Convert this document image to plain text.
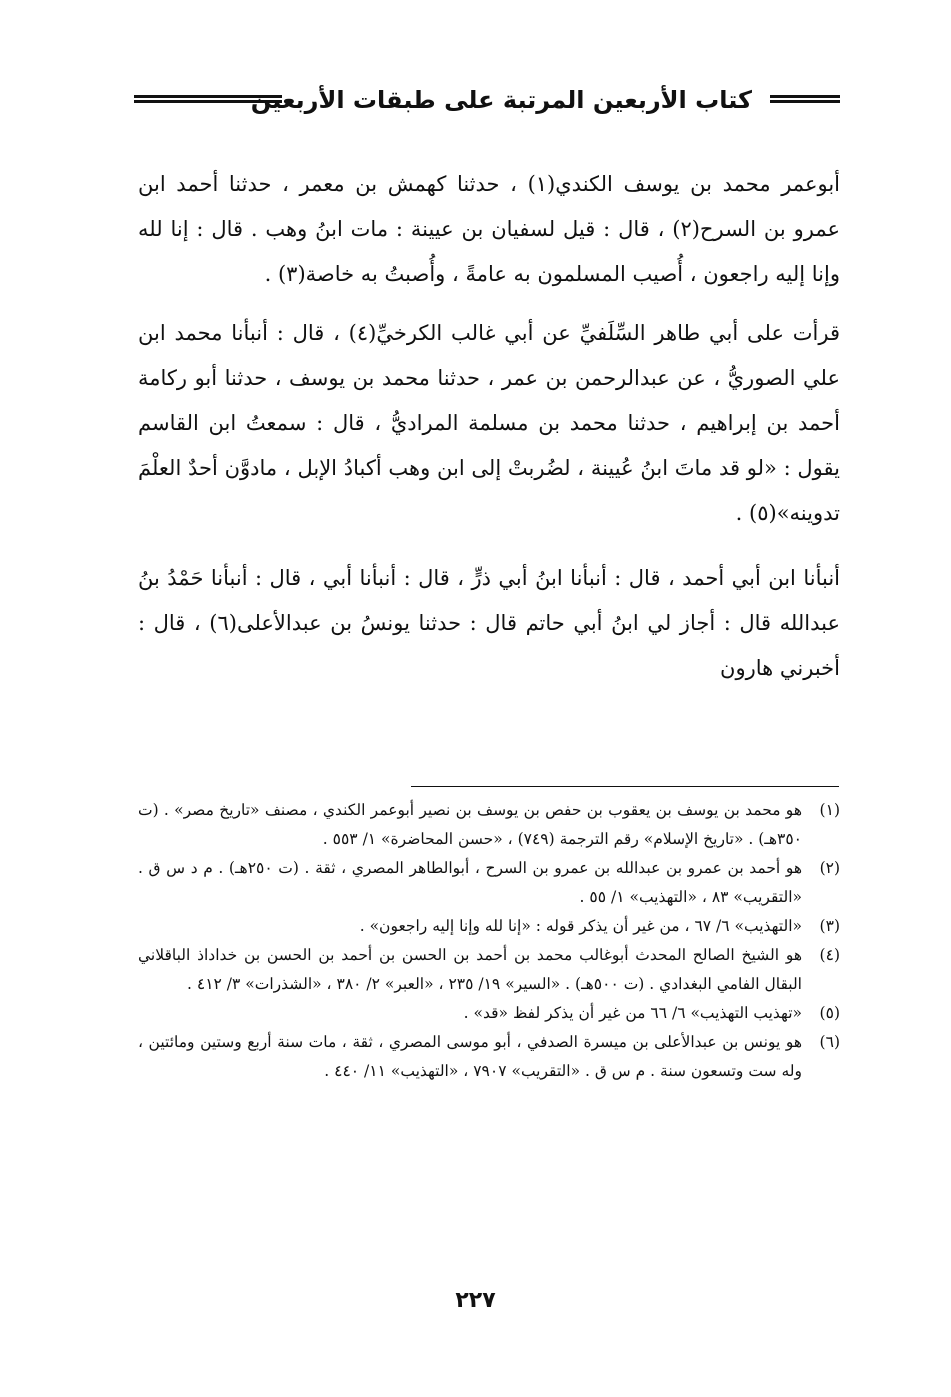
كتاب الأربعين المرتبة على طبقات الأربعين

أبوعمر محمد بن يوسف الكندي(١) ، حدثنا كهمش بن معمر ، حدثنا أحمد ابن عمرو بن السرح(٢) ، قال : قيل لسفيان بن عيينة : مات ابنُ وهب . قال : إنا لله وإنا إليه راجعون ، أُصيب المسلمون به عامةً ، وأُصبتُ به خاصة(٣) .

قرأت على أبي طاهر السِّلَفيِّ عن أبي غالب الكرخيِّ(٤) ، قال : أنبأنا محمد ابن علي الصوريُّ ، عن عبدالرحمن بن عمر ، حدثنا محمد بن يوسف ، حدثنا أبو ركامة أحمد بن إبراهيم ، حدثنا محمد بن مسلمة المراديُّ ، قال : سمعتُ ابن القاسم يقول : «لو قد ماتَ ابنُ عُيينة ، لضُربتْ إلى ابن وهب أكبادُ الإبل ، مادوَّن أحدٌ العلْمَ تدوينه»(٥) .

أنبأنا ابن أبي أحمد ، قال : أنبأنا ابنُ أبي ذرٍّ ، قال : أنبأنا أبي ، قال : أنبأنا حَمْدُ بنُ عبدالله قال : أجاز لي ابنُ أبي حاتم قال : حدثنا يونسُ بن عبدالأعلى(٦) ، قال : أخبرني هارون

(١)هو محمد بن يوسف بن يعقوب بن حفص بن يوسف بن نصير أبوعمر الكندي ، مصنف «تاريخ مصر» . (ت ٣٥٠هـ) . «تاريخ الإسلام» رقم الترجمة (٧٤٩) ، «حسن المحاضرة» ١/ ٥٥٣ .

(٢)هو أحمد بن عمرو بن عبدالله بن عمرو بن السرح ، أبوالطاهر المصري ، ثقة . (ت ٢٥٠هـ) . م د س ق . «التقريب» ٨٣ ، «التهذيب» ١/ ٥٥ .

(٣)«التهذيب» ٦/ ٦٧ ، من غير أن يذكر قوله : «إنا لله وإنا إليه راجعون» .

(٤)هو الشيخ الصالح المحدث أبوغالب محمد بن أحمد بن الحسن بن أحمد بن الحسن بن خداداذ الباقلاني البقال الفامي البغدادي . (ت ٥٠٠هـ) . «السير» ١٩/ ٢٣٥ ، «العبر» ٢/ ٣٨٠ ، «الشذرات» ٣/ ٤١٢ .

(٥)«تهذيب التهذيب» ٦/ ٦٦ من غير أن يذكر لفظ «قد» .

(٦)هو يونس بن عبدالأعلى بن ميسرة الصدفي ، أبو موسى المصري ، ثقة ، مات سنة أربع وستين ومائتين ، وله ست وتسعون سنة . م س ق . «التقريب» ٧٩٠٧ ، «التهذيب» ١١/ ٤٤٠ .

٢٢٧
